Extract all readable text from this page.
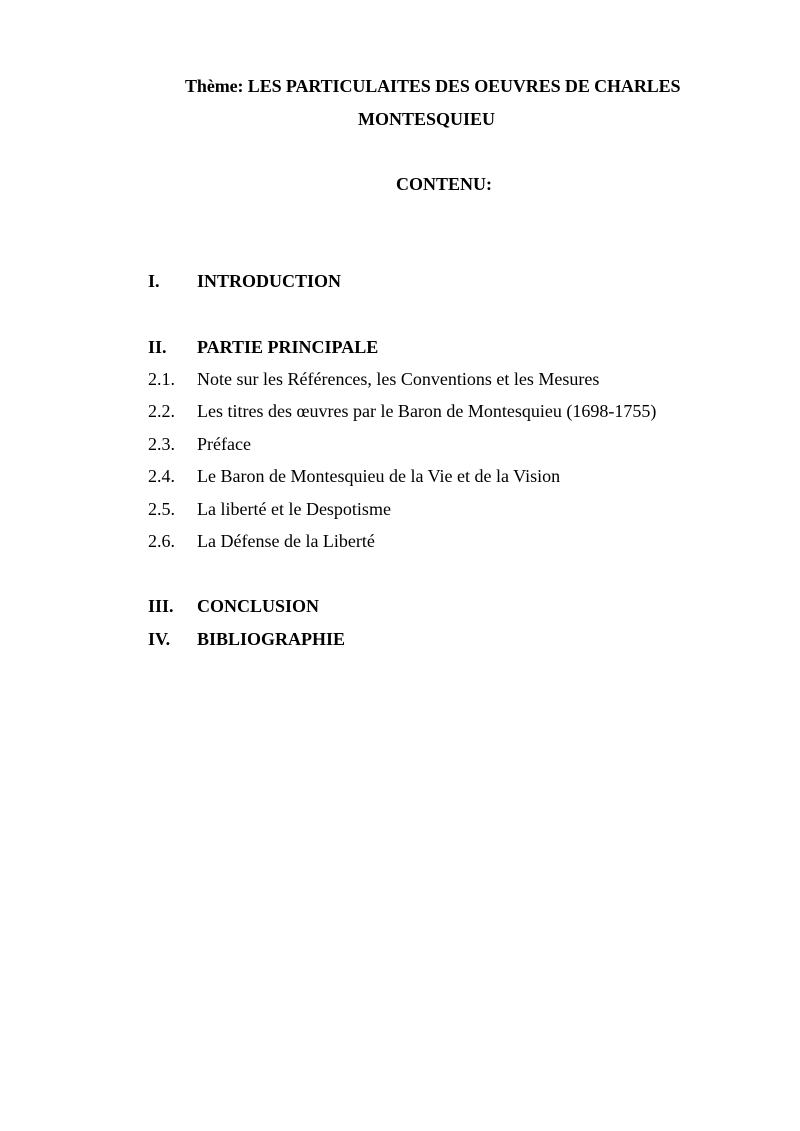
Thème: LES PARTICULAITES DES OEUVRES DE CHARLES
MONTESQUIEU
CONTENU:
I. INTRODUCTION
II. PARTIE PRINCIPALE
2.1. Note sur les Références, les Conventions et les Mesures
2.2. Les titres des œuvres par le Baron de Montesquieu (1698-1755)
2.3. Préface
2.4. Le Baron de Montesquieu de la Vie et de la Vision
2.5. La liberté et le Despotisme
2.6. La Défense de la Liberté
III. CONCLUSION
IV. BIBLIOGRAPHIE
